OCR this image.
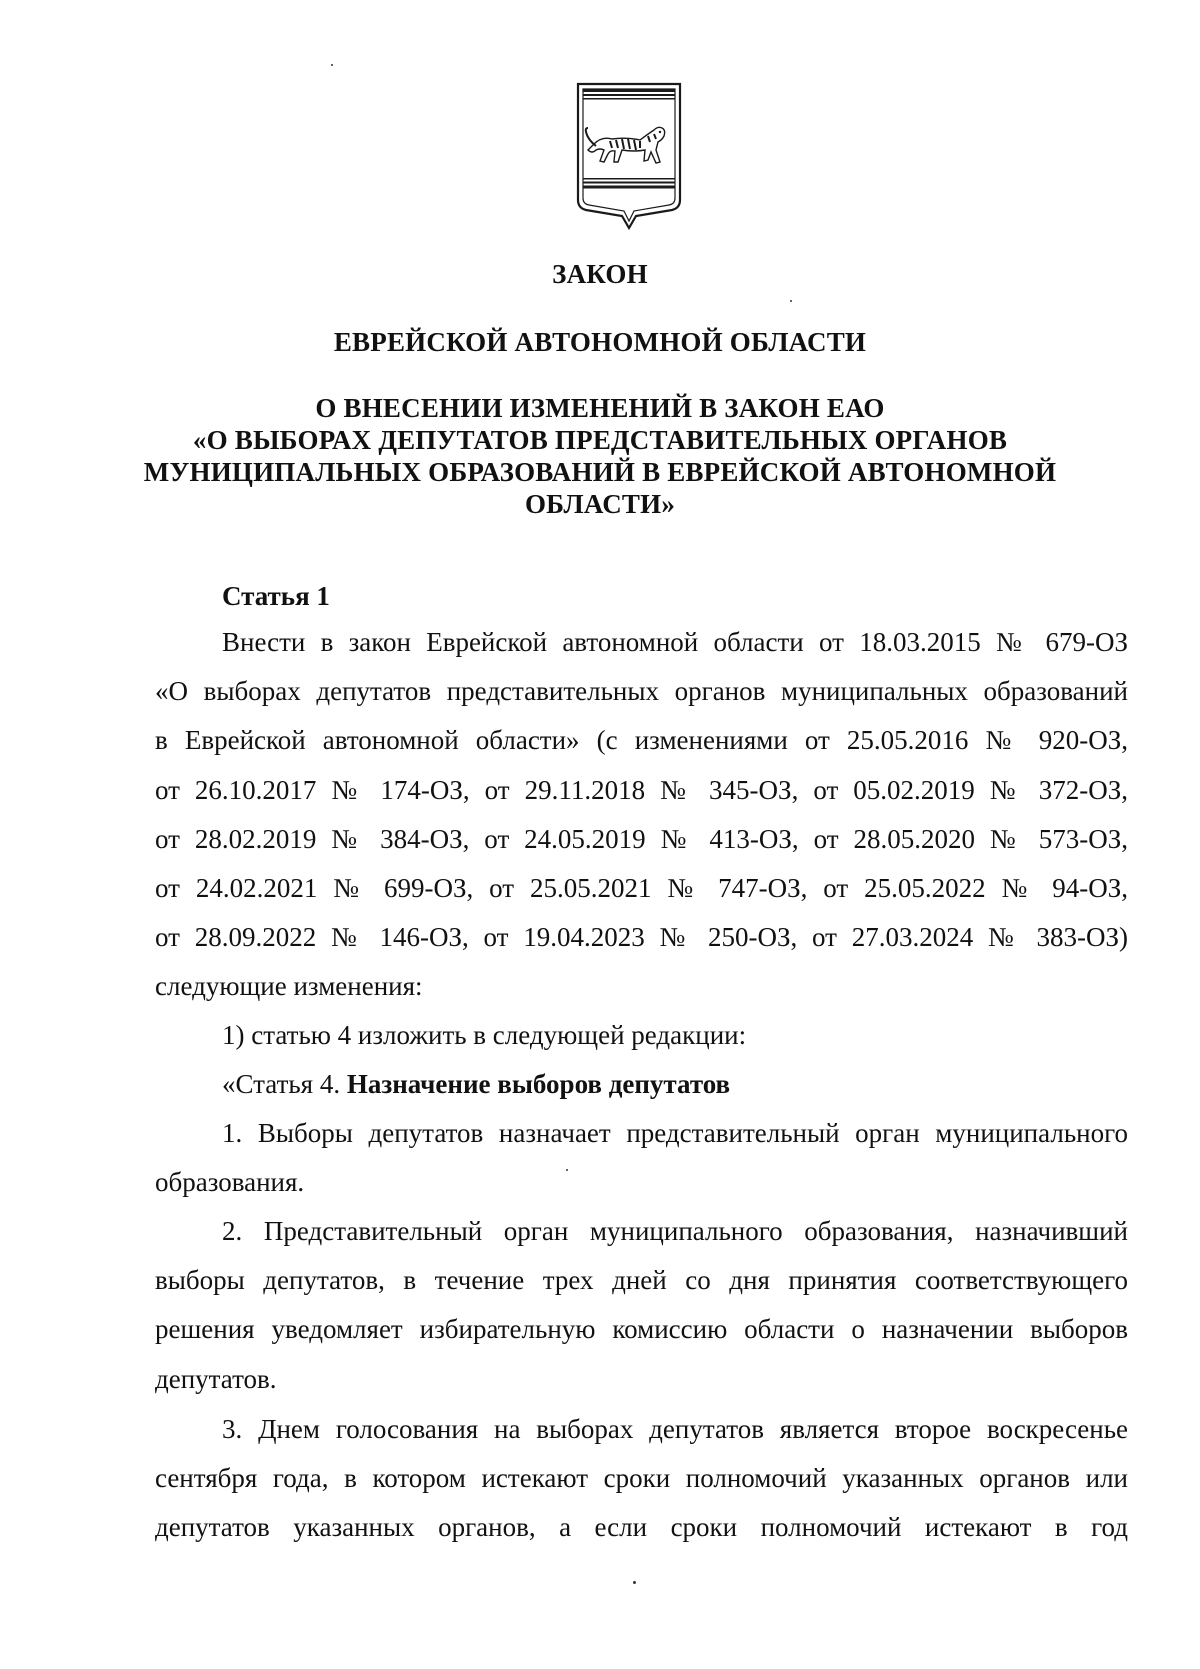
ЗАКОН
ЕВРЕЙСКОЙ АВТОНОМНОЙ ОБЛАСТИ
О ВНЕСЕНИИ ИЗМЕНЕНИЙ В ЗАКОН ЕАО
«О ВЫБОРАХ ДЕПУТАТОВ ПРЕДСТАВИТЕЛЬНЫХ ОРГАНОВ
МУНИЦИПАЛЬНЫХ ОБРАЗОВАНИЙ В ЕВРЕЙСКОЙ АВТОНОМНОЙ
ОБЛАСТИ»
Статья 1
Внести в закон Еврейской автономной области от 18.03.2015 № 679-ОЗ
«О выборах депутатов представительных органов муниципальных образований
в Еврейской автономной области» (с изменениями от 25.05.2016 № 920-ОЗ,
от 26.10.2017 № 174-ОЗ, от 29.11.2018 № 345-ОЗ, от 05.02.2019 № 372-ОЗ,
от 28.02.2019 № 384-ОЗ, от 24.05.2019 № 413-ОЗ, от 28.05.2020 № 573-ОЗ,
от 24.02.2021 № 699-ОЗ, от 25.05.2021 № 747-ОЗ, от 25.05.2022 № 94-ОЗ,
от 28.09.2022 № 146-ОЗ, от 19.04.2023 № 250-ОЗ, от 27.03.2024 № 383-ОЗ)
следующие изменения:
1) статью 4 изложить в следующей редакции:
«Статья 4. Назначение выборов депутатов
1. Выборы депутатов назначает представительный орган муниципального
образования.
2. Представительный орган муниципального образования, назначивший
выборы депутатов, в течение трех дней со дня принятия соответствующего
решения уведомляет избирательную комиссию области о назначении выборов
депутатов.
3. Днем голосования на выборах депутатов является второе воскресенье
сентября года, в котором истекают сроки полномочий указанных органов или
депутатов указанных органов, а если сроки полномочий истекают в год
